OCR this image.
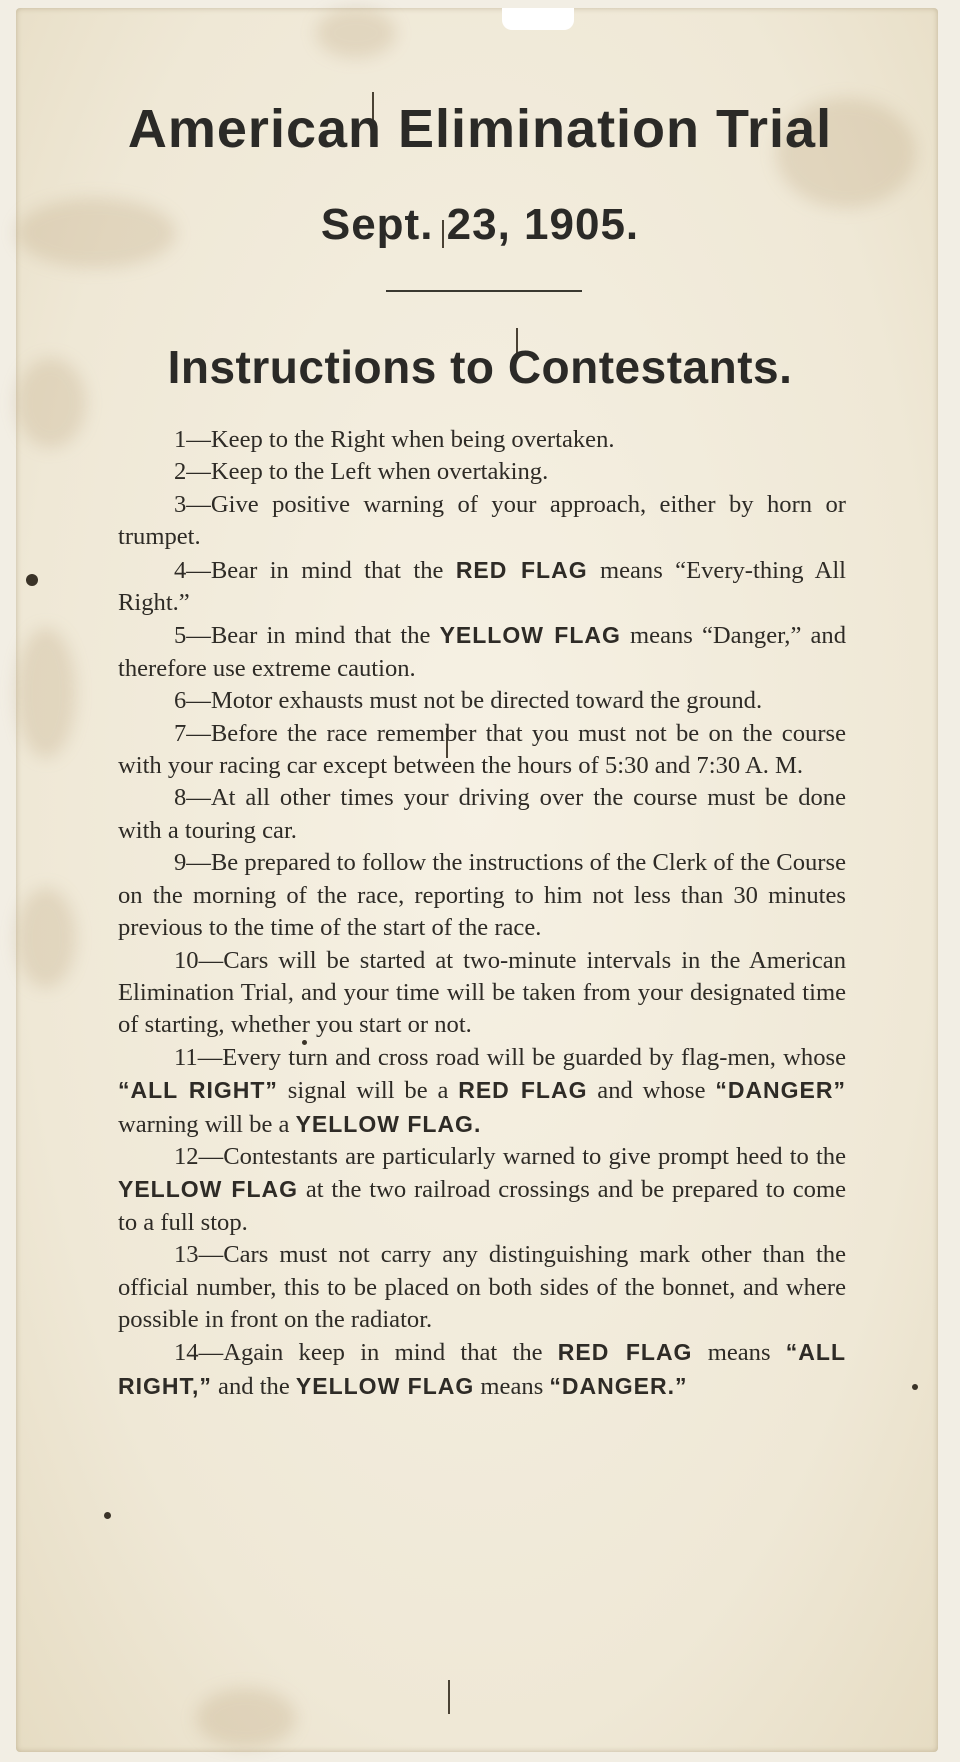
American Elimination Trial
Sept. 23, 1905.
Instructions to Contestants.

1—Keep to the Right when being overtaken.

2—Keep to the Left when overtaking.

3—Give positive warning of your approach, either by horn or trumpet.

4—Bear in mind that the RED FLAG means “Every-thing All Right.”

5—Bear in mind that the YELLOW FLAG means “Danger,” and therefore use extreme caution.

6—Motor exhausts must not be directed toward the ground.

7—Before the race remember that you must not be on the course with your racing car except between the hours of 5:30 and 7:30 A. M.

8—At all other times your driving over the course must be done with a touring car.

9—Be prepared to follow the instructions of the Clerk of the Course on the morning of the race, reporting to him not less than 30 minutes previous to the time of the start of the race.

10—Cars will be started at two-minute intervals in the American Elimination Trial, and your time will be taken from your designated time of starting, whether you start or not.

11—Every turn and cross road will be guarded by flag-men, whose “ALL RIGHT” signal will be a RED FLAG and whose “DANGER” warning will be a YELLOW FLAG.

12—Contestants are particularly warned to give prompt heed to the YELLOW FLAG at the two railroad crossings and be prepared to come to a full stop.

13—Cars must not carry any distinguishing mark other than the official number, this to be placed on both sides of the bonnet, and where possible in front on the radiator.

14—Again keep in mind that the RED FLAG means “ALL RIGHT,” and the YELLOW FLAG means “DANGER.”
